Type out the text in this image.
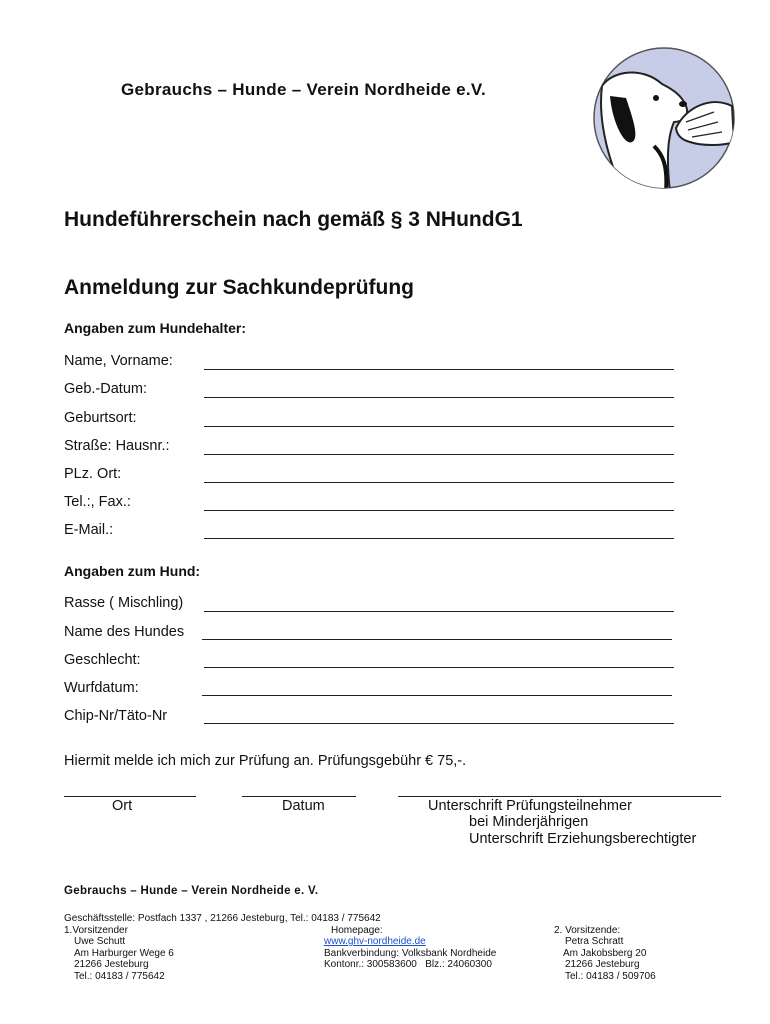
Gebrauchs – Hunde – Verein Nordheide e.V.
Hundeführerschein nach gemäß § 3 NHundG1
Anmeldung zur Sachkundeprüfung
Angaben zum Hundehalter:
Name, Vorname:
Geb.-Datum:
Geburtsort:
Straße: Hausnr.:
PLz. Ort:
Tel.:, Fax.:
E-Mail.:
Angaben zum Hund:
Rasse ( Mischling)
Name des Hundes
Geschlecht:
Wurfdatum:
Chip-Nr/Täto-Nr
Hiermit melde ich mich zur Prüfung an. Prüfungsgebühr € 75,-.
Ort	Datum	Unterschrift Prüfungsteilnehmer
bei Minderjährigen
Unterschrift Erziehungsberechtigter
Gebrauchs – Hunde – Verein Nordheide e. V.
Geschäftsstelle: Postfach 1337 , 21266 Jesteburg, Tel.: 04183 / 775642
1.Vorsitzender
Uwe Schutt
Am Harburger Wege 6
21266 Jesteburg
Tel.: 04183 / 775642
Homepage:
www.ghv-nordheide.de
Bankverbindung: Volksbank Nordheide
Kontonr.: 300583600   Blz.: 24060300
2. Vorsitzende:
Petra Schratt
Am Jakobsberg 20
21266 Jesteburg
Tel.: 04183 / 509706
